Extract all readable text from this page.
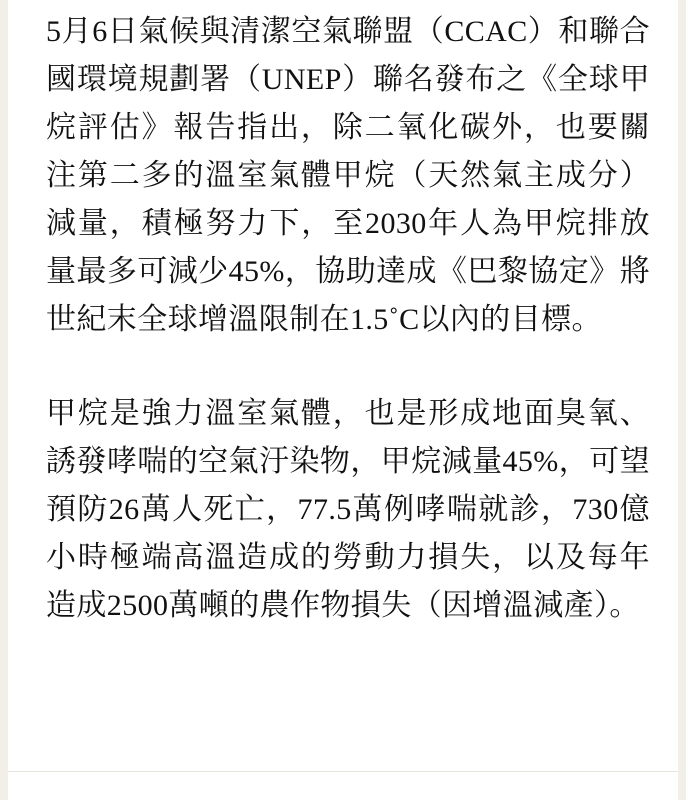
5月6日氣候與清潔空氣聯盟（CCAC）和聯合國環境規劃署（UNEP）聯名發布之《全球甲烷評估》報告指出，除二氧化碳外，也要關注第二多的溫室氣體甲烷（天然氣主成分）減量，積極努力下，至2030年人為甲烷排放量最多可減少45%，協助達成《巴黎協定》將世紀末全球增溫限制在1.5˚C以內的目標。

甲烷是強力溫室氣體，也是形成地面臭氧、誘發哮喘的空氣汙染物，甲烷減量45%，可望預防26萬人死亡，77.5萬例哮喘就診，730億小時極端高溫造成的勞動力損失，以及每年造成2500萬噸的農作物損失（因增溫減產）。
